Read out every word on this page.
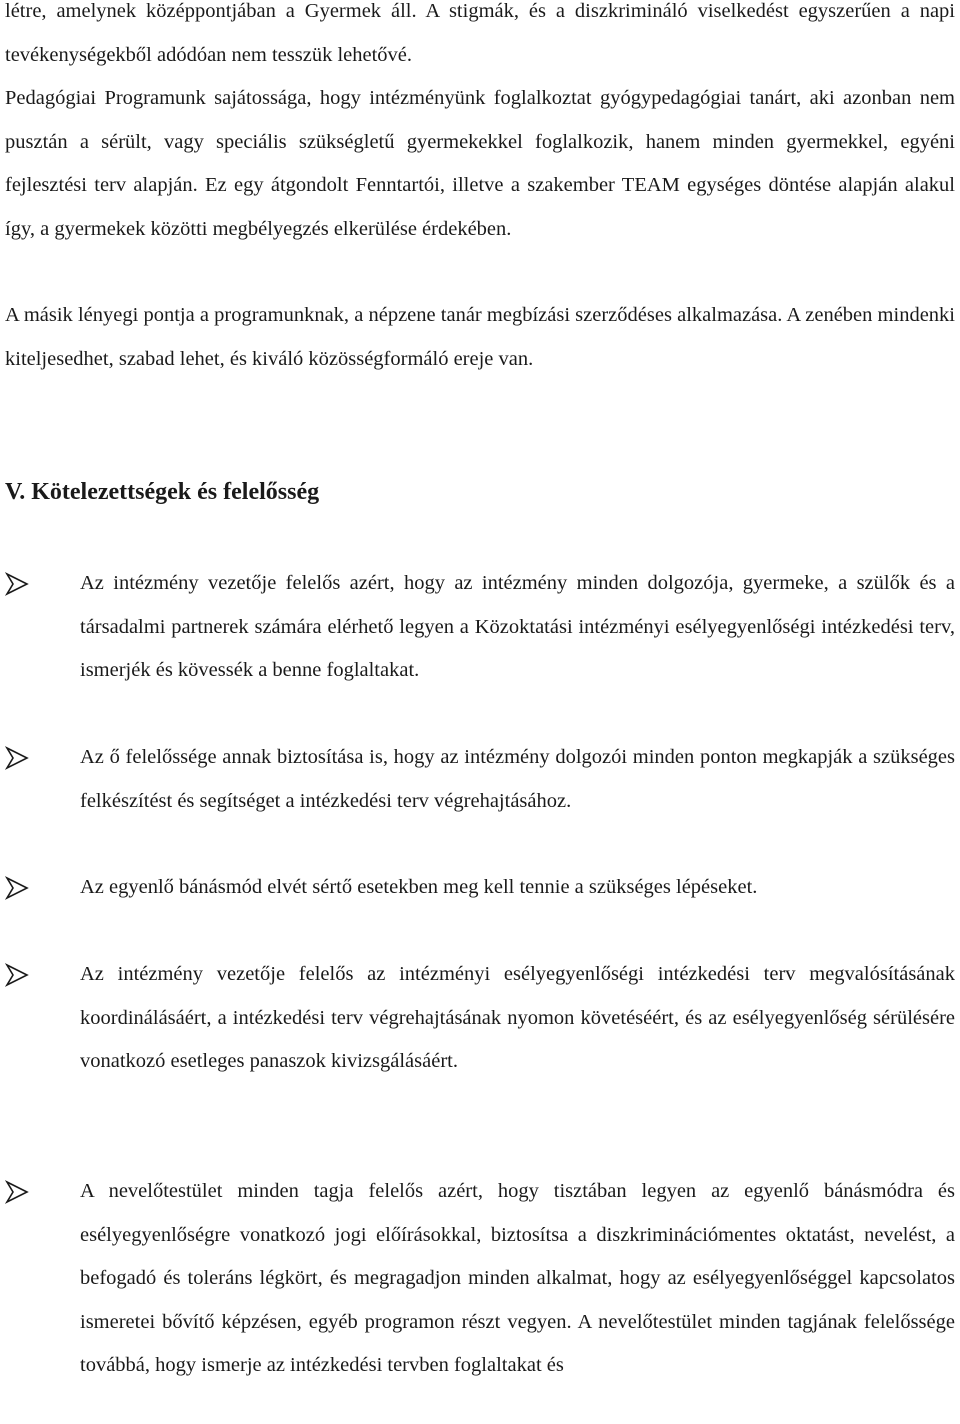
létre, amelynek középpontjában a Gyermek áll. A stigmák, és a diszkrimináló viselkedést egyszerűen a napi tevékenységekből adódóan nem tesszük lehetővé.

Pedagógiai Programunk sajátossága, hogy intézményünk foglalkoztat gyógypedagógiai tanárt, aki azonban nem pusztán a sérült, vagy speciális szükségletű gyermekekkel foglalkozik, hanem minden gyermekkel, egyéni fejlesztési terv alapján. Ez egy átgondolt Fenntartói, illetve a szakember TEAM egységes döntése alapján alakul így, a gyermekek közötti megbélyegzés elkerülése érdekében.

A másik lényegi pontja a programunknak, a népzene tanár megbízási szerződéses alkalmazása. A zenében mindenki kiteljesedhet, szabad lehet, és kiváló közösségformáló ereje van.

V. Kötelezettségek és felelősség

Az intézmény vezetője felelős azért, hogy az intézmény minden dolgozója, gyermeke, a szülők és a társadalmi partnerek számára elérhető legyen a Közoktatási intézményi esélyegyenlőségi intézkedési terv, ismerjék és kövessék a benne foglaltakat.

Az ő felelőssége annak biztosítása is, hogy az intézmény dolgozói minden ponton megkapják a szükséges felkészítést és segítséget a intézkedési terv végrehajtásához.

Az egyenlő bánásmód elvét sértő esetekben meg kell tennie a szükséges lépéseket.

Az intézmény vezetője felelős az intézményi esélyegyenlőségi intézkedési terv megvalósításának koordinálásáért, a intézkedési terv végrehajtásának nyomon követéséért, és az esélyegyenlőség sérülésére vonatkozó esetleges panaszok kivizsgálásáért.

A nevelőtestület minden tagja felelős azért, hogy tisztában legyen az egyenlő bánásmódra és esélyegyenlőségre vonatkozó jogi előírásokkal, biztosítsa a diszkriminációmentes oktatást, nevelést, a befogadó és toleráns légkört, és megragadjon minden alkalmat, hogy az esélyegyenlőséggel kapcsolatos ismeretei bővítő képzésen, egyéb programon részt vegyen. A nevelőtestület minden tagjának felelőssége továbbá, hogy ismerje az intézkedési tervben foglaltakat és
